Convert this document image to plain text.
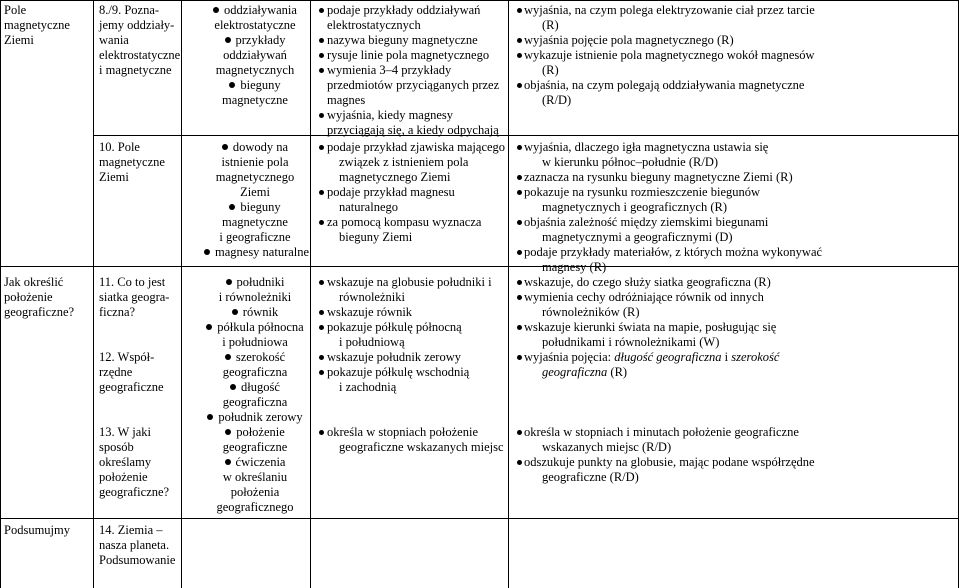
Pole
magnetyczne
Ziemi
8./9. Pozna-
jemy oddziały-
wania
elektrostatyczne
i magnetyczne
oddziaływania
elektrostatyczne
przykłady
oddziaływań
magnetycznych
bieguny
magnetyczne
podaje przykłady oddziaływań
elektrostatycznych
nazywa bieguny magnetyczne
rysuje linie pola magnetycznego
wymienia 3–4 przykłady
przedmiotów przyciąganych przez
magnes
wyjaśnia, kiedy magnesy
przyciągają się, a kiedy odpychają
wyjaśnia, na czym polega elektryzowanie ciał przez tarcie
(R)
wyjaśnia pojęcie pola magnetycznego (R)
wykazuje istnienie pola magnetycznego wokół magnesów
(R)
objaśnia, na czym polegają oddziaływania magnetyczne
(R/D)
10. Pole
magnetyczne
Ziemi
dowody na
istnienie pola
magnetycznego
Ziemi
bieguny
magnetyczne
i geograficzne
magnesy naturalne
podaje przykład zjawiska mającego
związek z istnieniem pola
magnetycznego Ziemi
podaje przykład magnesu
naturalnego
za pomocą kompasu wyznacza
bieguny Ziemi
wyjaśnia, dlaczego igła magnetyczna ustawia się
w kierunku północ–południe (R/D)
zaznacza na rysunku bieguny magnetyczne Ziemi (R)
pokazuje na rysunku rozmieszczenie biegunów
magnetycznych i geograficznych (R)
objaśnia zależność między ziemskimi biegunami
magnetycznymi a geograficznymi (D)
podaje przykłady materiałów, z których można wykonywać
magnesy (R)
Jak określić
położenie
geograficzne?
11. Co to jest
siatka geogra-
ficzna?
12. Współ-
rzędne
geograficzne
13. W jaki
sposób
określamy
położenie
geograficzne?
południki
i równoleżniki
równik
półkula północna
i południowa
szerokość
geograficzna
długość
geograficzna
południk zerowy
położenie
geograficzne
ćwiczenia
w określaniu
położenia
geograficznego
wskazuje na globusie południki i
równoleżniki
wskazuje równik
pokazuje półkulę północną
i południową
wskazuje południk zerowy
pokazuje półkulę wschodnią
i zachodnią
określa w stopniach położenie
geograficzne wskazanych miejsc
wskazuje, do czego służy siatka geograficzna (R)
wymienia cechy odróżniające równik od innych
równoleżników (R)
wskazuje kierunki świata na mapie, posługując się
południkami i równoleżnikami (W)
wyjaśnia pojęcia: długość geograficzna i szerokość
geograficzna (R)
określa w stopniach i minutach położenie geograficzne
wskazanych miejsc (R/D)
odszukuje punkty na globusie, mając podane współrzędne
geograficzne (R/D)
Podsumujmy	14. Ziemia –
nasza planeta.
Podsumowanie
